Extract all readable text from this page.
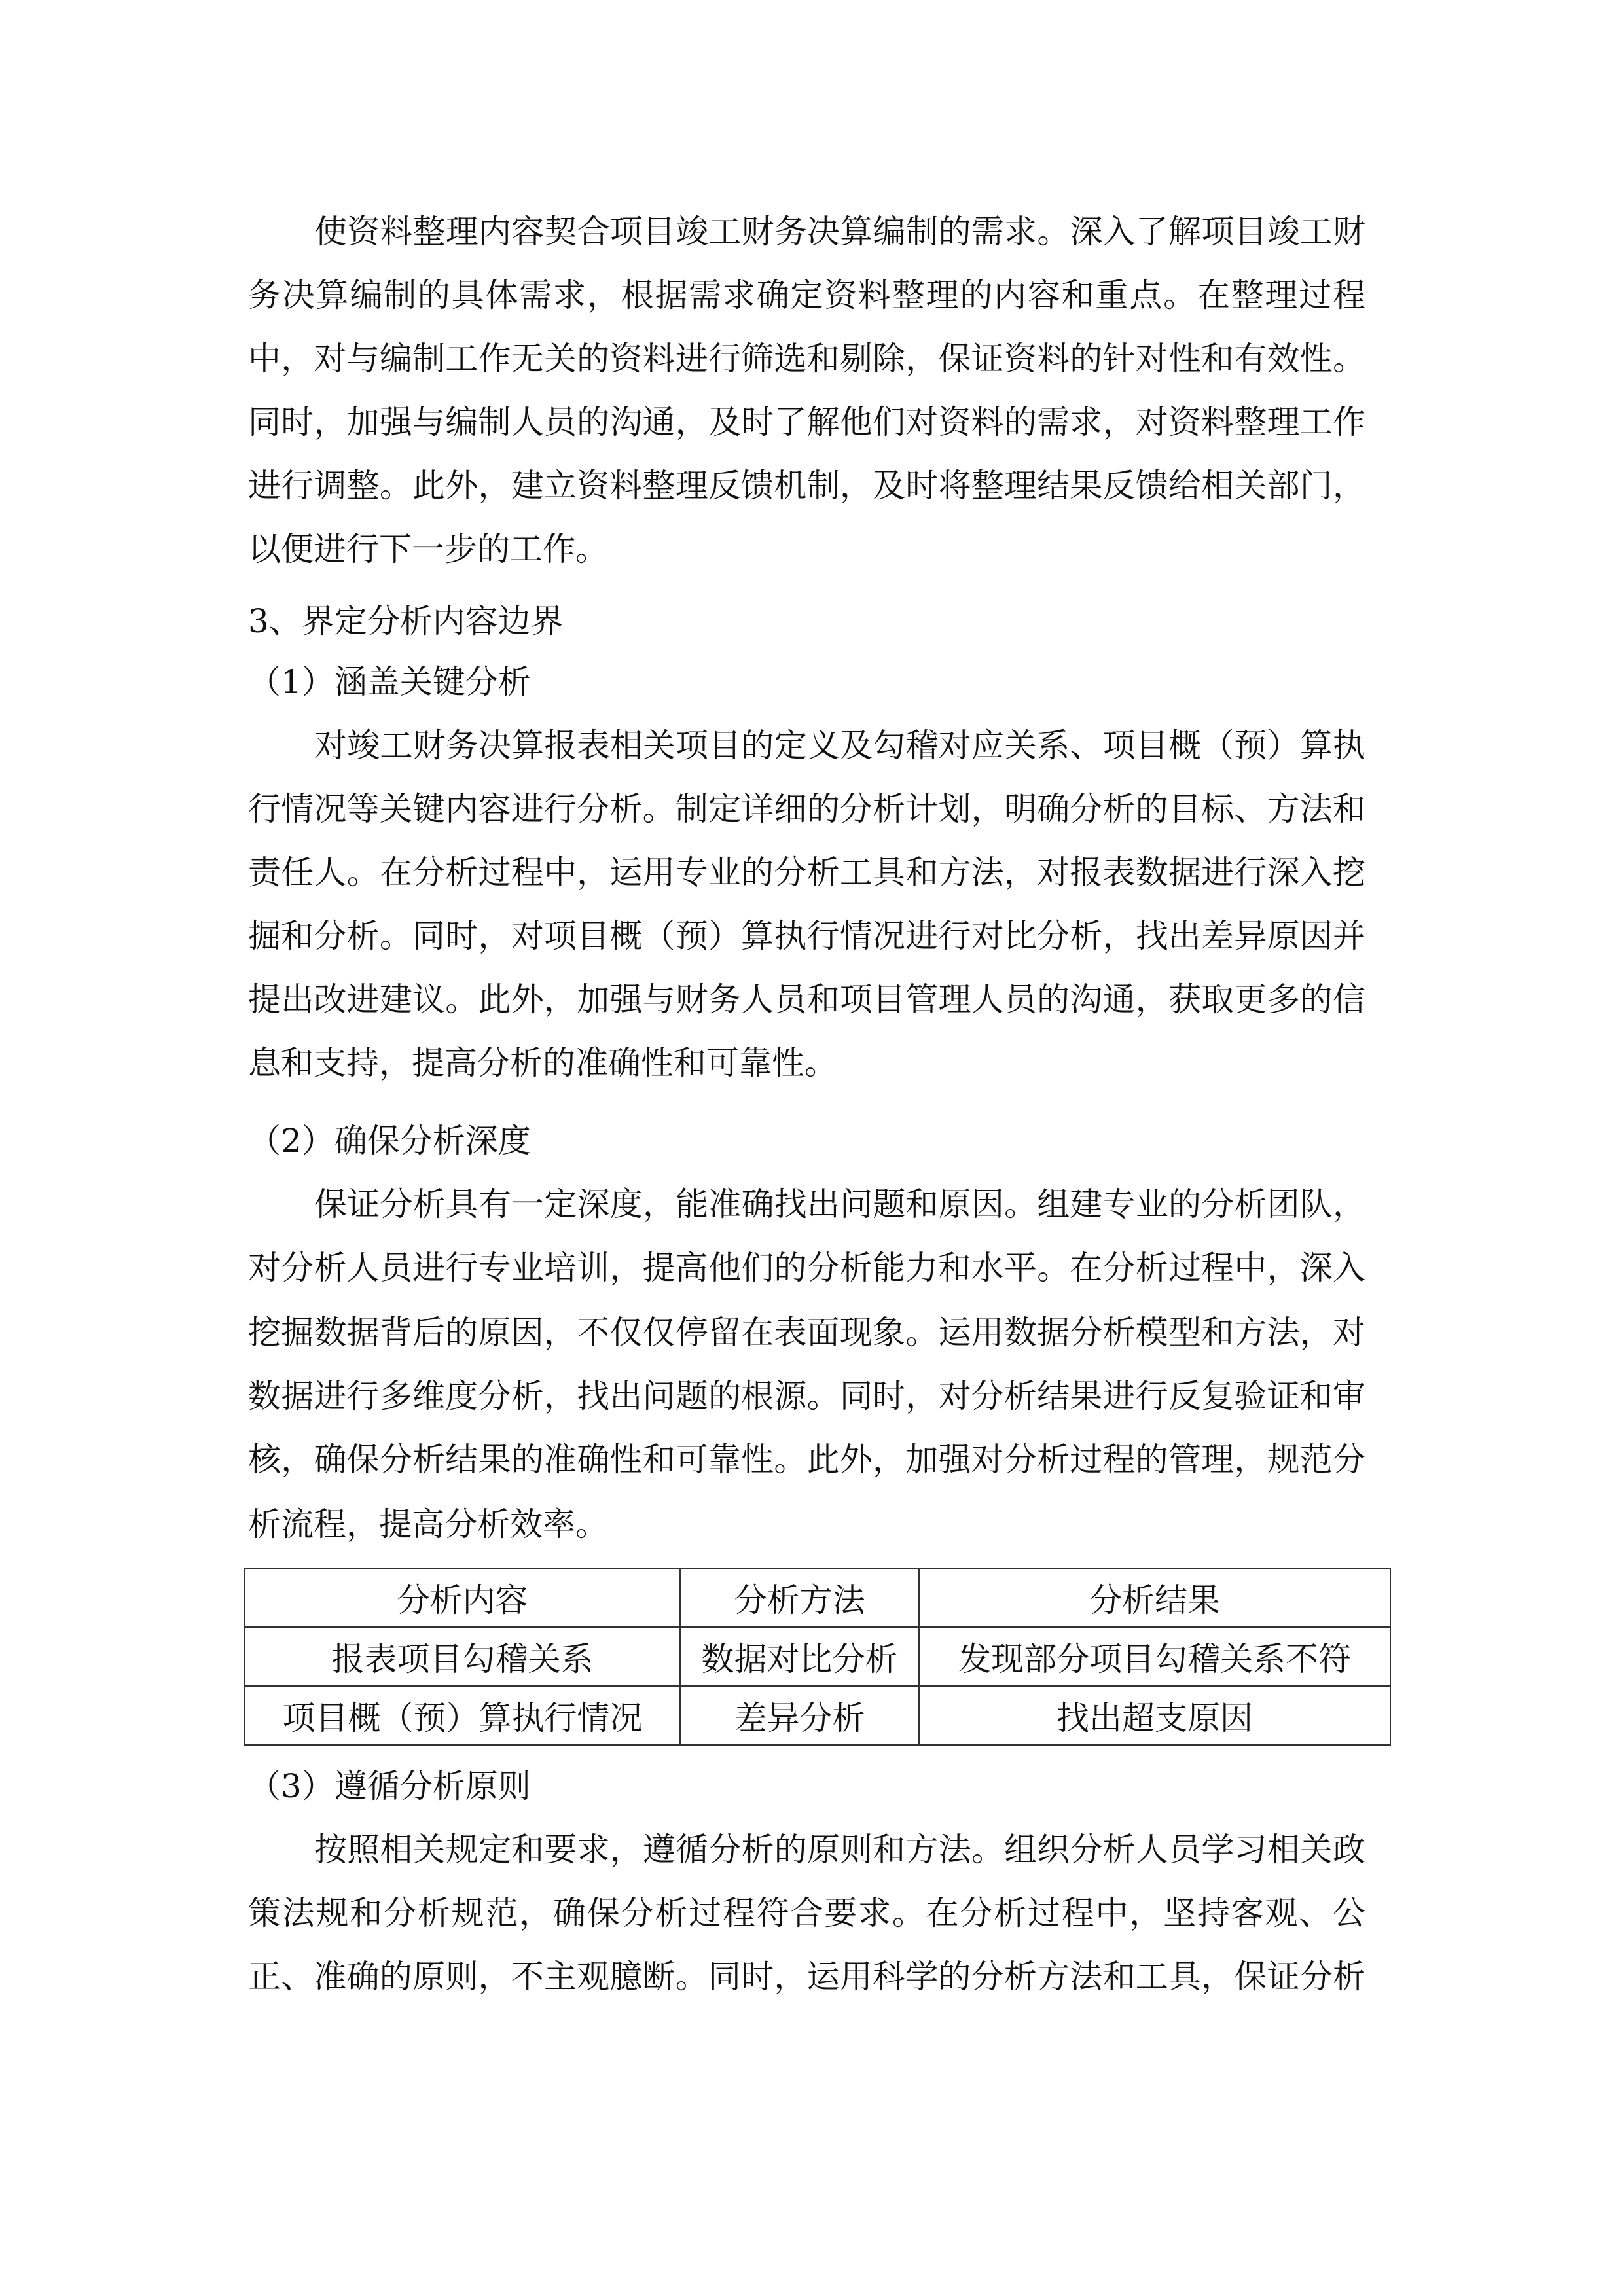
使资料整理内容契合项目竣工财务决算编制的需求。深入了解项目竣工财
务决算编制的具体需求，根据需求确定资料整理的内容和重点。在整理过程
中，对与编制工作无关的资料进行筛选和剔除，保证资料的针对性和有效性。
同时，加强与编制人员的沟通，及时了解他们对资料的需求，对资料整理工作
进行调整。此外，建立资料整理反馈机制，及时将整理结果反馈给相关部门，
以便进行下一步的工作。
3、界定分析内容边界
（1）涵盖关键分析
对竣工财务决算报表相关项目的定义及勾稽对应关系、项目概（预）算执
行情况等关键内容进行分析。制定详细的分析计划，明确分析的目标、方法和
责任人。在分析过程中，运用专业的分析工具和方法，对报表数据进行深入挖
掘和分析。同时，对项目概（预）算执行情况进行对比分析，找出差异原因并
提出改进建议。此外，加强与财务人员和项目管理人员的沟通，获取更多的信
息和支持，提高分析的准确性和可靠性。
（2）确保分析深度
保证分析具有一定深度，能准确找出问题和原因。组建专业的分析团队，
对分析人员进行专业培训，提高他们的分析能力和水平。在分析过程中，深入
挖掘数据背后的原因，不仅仅停留在表面现象。运用数据分析模型和方法，对
数据进行多维度分析，找出问题的根源。同时，对分析结果进行反复验证和审
核，确保分析结果的准确性和可靠性。此外，加强对分析过程的管理，规范分
析流程，提高分析效率。
分析内容	分析方法	分析结果
报表项目勾稽关系	数据对比分析	发现部分项目勾稽关系不符
项目概（预）算执行情况	差异分析	找出超支原因
（3）遵循分析原则
按照相关规定和要求，遵循分析的原则和方法。组织分析人员学习相关政
策法规和分析规范，确保分析过程符合要求。在分析过程中，坚持客观、公
正、准确的原则，不主观臆断。同时，运用科学的分析方法和工具，保证分析
